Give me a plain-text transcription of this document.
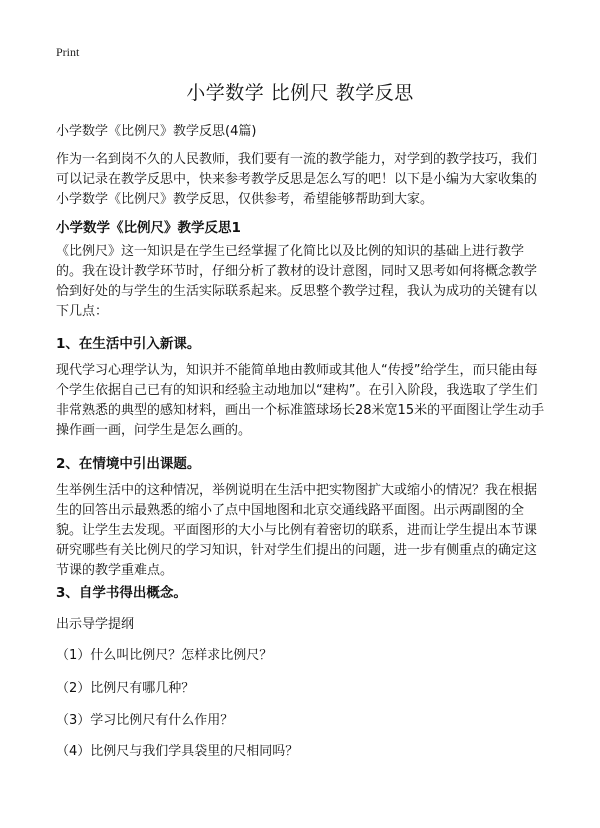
Print
小学数学 比例尺 教学反思
小学数学《比例尺》教学反思(4篇)

作为一名到岗不久的人民教师，我们要有一流的教学能力，对学到的教学技巧，我们可以记录在教学反思中，快来参考教学反思是怎么写的吧！以下是小编为大家收集的小学数学《比例尺》教学反思，仅供参考，希望能够帮助到大家。

小学数学《比例尺》教学反思1

《比例尺》这一知识是在学生已经掌握了化简比以及比例的知识的基础上进行教学的。我在设计教学环节时，仔细分析了教材的设计意图，同时又思考如何将概念教学恰到好处的与学生的生活实际联系起来。反思整个教学过程，我认为成功的关键有以下几点：

1、在生活中引入新课。

现代学习心理学认为，知识并不能简单地由教师或其他人“传授”给学生，而只能由每个学生依据自己已有的知识和经验主动地加以“建构”。在引入阶段，我选取了学生们非常熟悉的典型的感知材料，画出一个标准篮球场长28米宽15米的平面图让学生动手操作画一画，问学生是怎么画的。

2、在情境中引出课题。

生举例生活中的这种情况，举例说明在生活中把实物图扩大或缩小的情况？我在根据生的回答出示最熟悉的缩小了点中国地图和北京交通线路平面图。出示两副图的全貌。让学生去发现。平面图形的大小与比例有着密切的联系，进而让学生提出本节课研究哪些有关比例尺的学习知识，针对学生们提出的问题，进一步有侧重点的确定这节课的教学重难点。

3、自学书得出概念。
出示导学提纲
（1）什么叫比例尺？怎样求比例尺？
（2）比例尺有哪几种？
（3）学习比例尺有什么作用？
（4）比例尺与我们学具袋里的尺相同吗？
